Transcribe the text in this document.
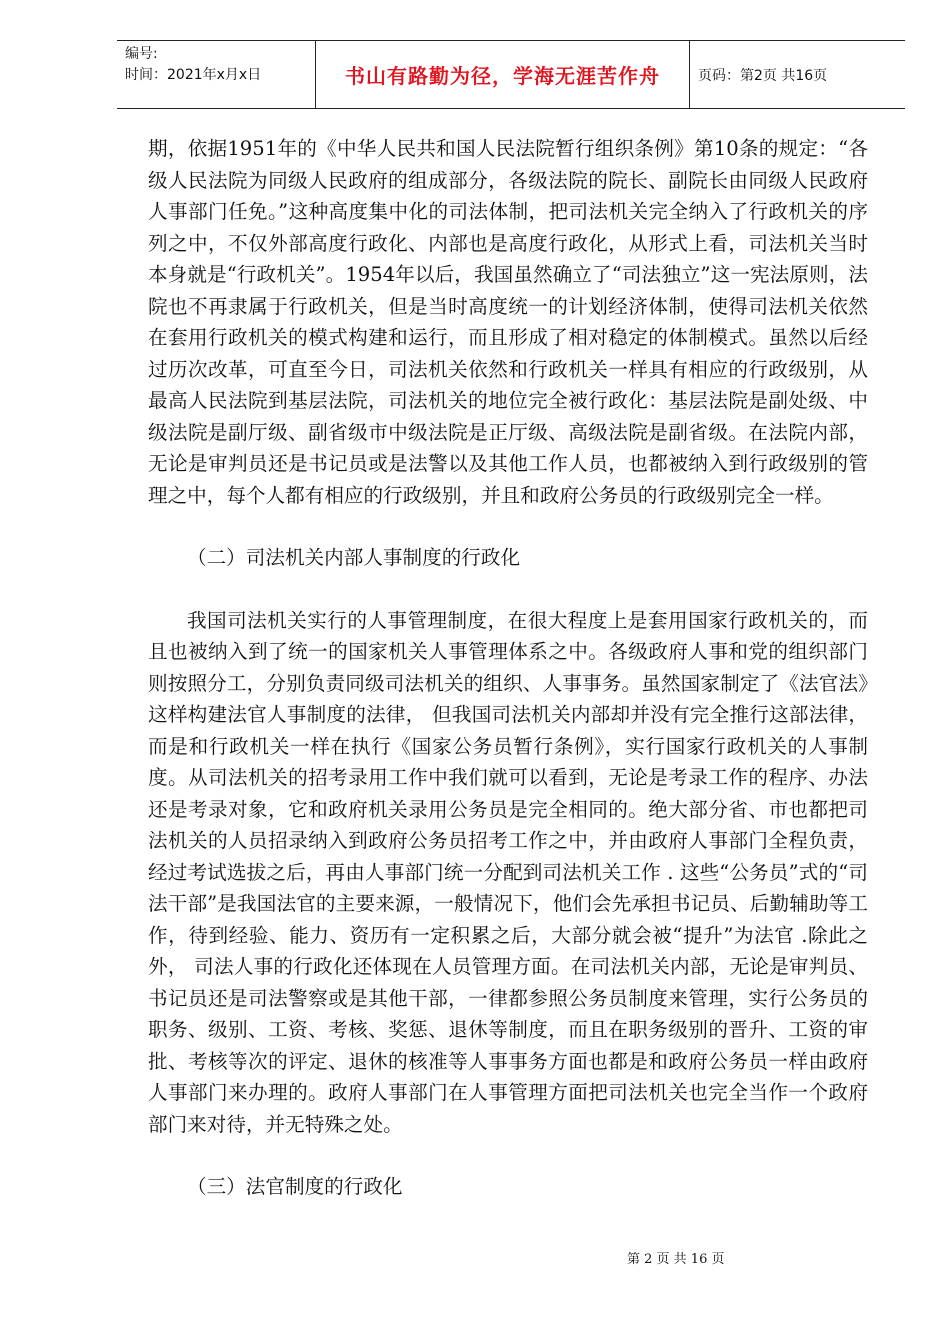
编号:
时间：2021年x月x日	书山有路勤为径，学海无涯苦作舟	页码：第2页 共16页

期，依据1951年的《中华人民共和国人民法院暂行组织条例》第10条的规定：“各级人民法院为同级人民政府的组成部分，各级法院的院长、副院长由同级人民政府人事部门任免。”这种高度集中化的司法体制，把司法机关完全纳入了行政机关的序列之中，不仅外部高度行政化、内部也是高度行政化，从形式上看，司法机关当时本身就是“行政机关”。1954年以后，我国虽然确立了“司法独立”这一宪法原则，法院也不再隶属于行政机关，但是当时高度统一的计划经济体制，使得司法机关依然在套用行政机关的模式构建和运行，而且形成了相对稳定的体制模式。虽然以后经过历次改革，可直至今日，司法机关依然和行政机关一样具有相应的行政级别，从最高人民法院到基层法院，司法机关的地位完全被行政化：基层法院是副处级、中级法院是副厅级、副省级市中级法院是正厅级、高级法院是副省级。在法院内部，无论是审判员还是书记员或是法警以及其他工作人员，也都被纳入到行政级别的管理之中，每个人都有相应的行政级别，并且和政府公务员的行政级别完全一样。

（二）司法机关内部人事制度的行政化

我国司法机关实行的人事管理制度，在很大程度上是套用国家行政机关的，而且也被纳入到了统一的国家机关人事管理体系之中。各级政府人事和党的组织部门则按照分工，分别负责同级司法机关的组织、人事事务。虽然国家制定了《法官法》这样构建法官人事制度的法律， 但我国司法机关内部却并没有完全推行这部法律，而是和行政机关一样在执行《国家公务员暂行条例》，实行国家行政机关的人事制度。从司法机关的招考录用工作中我们就可以看到，无论是考录工作的程序、办法还是考录对象，它和政府机关录用公务员是完全相同的。绝大部分省、市也都把司法机关的人员招录纳入到政府公务员招考工作之中，并由政府人事部门全程负责，经过考试选拔之后，再由人事部门统一分配到司法机关工作 . 这些“公务员”式的“司法干部”是我国法官的主要来源，一般情况下，他们会先承担书记员、后勤辅助等工作，待到经验、能力、资历有一定积累之后，大部分就会被“提升”为法官 .除此之外， 司法人事的行政化还体现在人员管理方面。在司法机关内部，无论是审判员、书记员还是司法警察或是其他干部，一律都参照公务员制度来管理，实行公务员的职务、级别、工资、考核、奖惩、退休等制度，而且在职务级别的晋升、工资的审批、考核等次的评定、退休的核准等人事事务方面也都是和政府公务员一样由政府人事部门来办理的。政府人事部门在人事管理方面把司法机关也完全当作一个政府部门来对待，并无特殊之处。

（三）法官制度的行政化

第 2 页 共 16 页
